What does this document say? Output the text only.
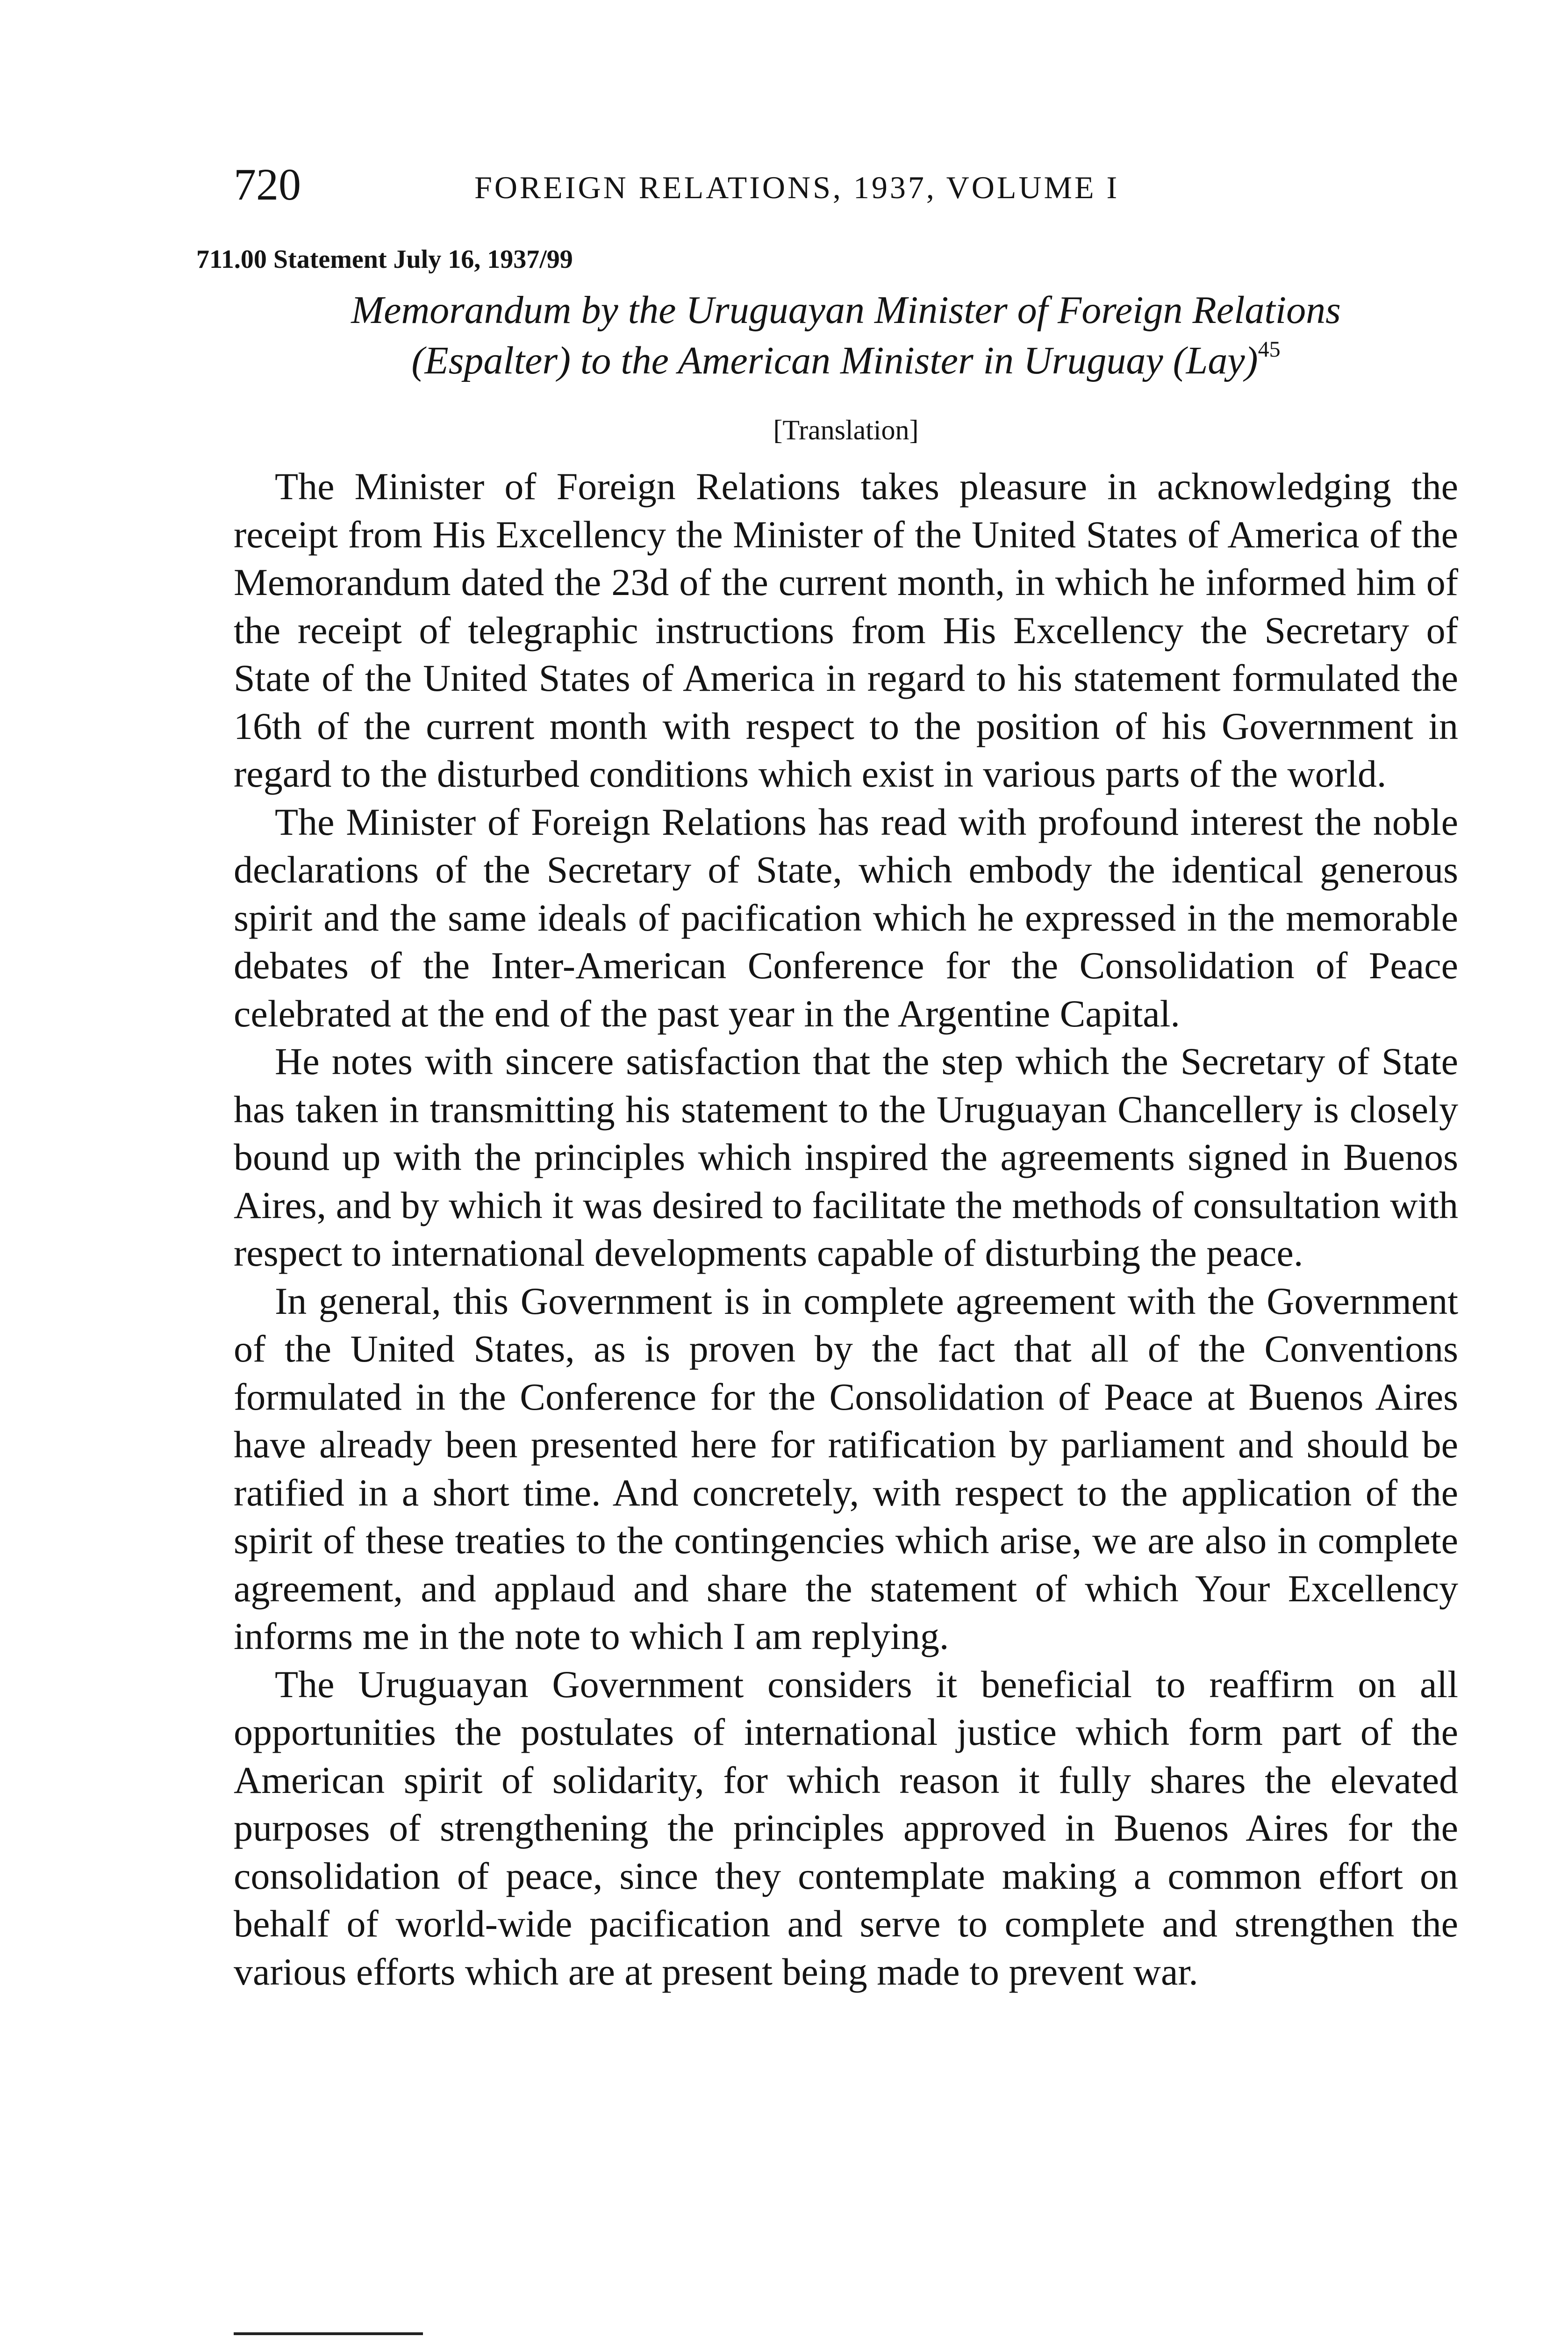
720	FOREIGN RELATIONS, 1937, VOLUME I
711.00 Statement July 16, 1937/99
Memorandum by the Uruguayan Minister of Foreign Relations
(Espalter) to the American Minister in Uruguay (Lay)$^{45}$
[Translation]

The Minister of Foreign Relations takes pleasure in acknowledging the receipt from His Excellency the Minister of the United States of America of the Memorandum dated the 23d of the current month, in which he informed him of the receipt of telegraphic instructions from His Excellency the Secretary of State of the United States of America in regard to his statement formulated the 16th of the current month with respect to the position of his Government in regard to the disturbed conditions which exist in various parts of the world.

The Minister of Foreign Relations has read with profound interest the noble declarations of the Secretary of State, which embody the identical generous spirit and the same ideals of pacification which he expressed in the memorable debates of the Inter-American Conference for the Consolidation of Peace celebrated at the end of the past year in the Argentine Capital.

He notes with sincere satisfaction that the step which the Secretary of State has taken in transmitting his statement to the Uruguayan Chancellery is closely bound up with the principles which inspired the agreements signed in Buenos Aires, and by which it was desired to facilitate the methods of consultation with respect to international developments capable of disturbing the peace.

In general, this Government is in complete agreement with the Government of the United States, as is proven by the fact that all of the Conventions formulated in the Conference for the Consolidation of Peace at Buenos Aires have already been presented here for ratification by parliament and should be ratified in a short time. And concretely, with respect to the application of the spirit of these treaties to the contingencies which arise, we are also in complete agreement, and applaud and share the statement of which Your Excellency informs me in the note to which I am replying.

The Uruguayan Government considers it beneficial to reaffirm on all opportunities the postulates of international justice which form part of the American spirit of solidarity, for which reason it fully shares the elevated purposes of strengthening the principles approved in Buenos Aires for the consolidation of peace, since they contemplate making a common effort on behalf of world-wide pacification and serve to complete and strengthen the various efforts which are at present being made to prevent war.
